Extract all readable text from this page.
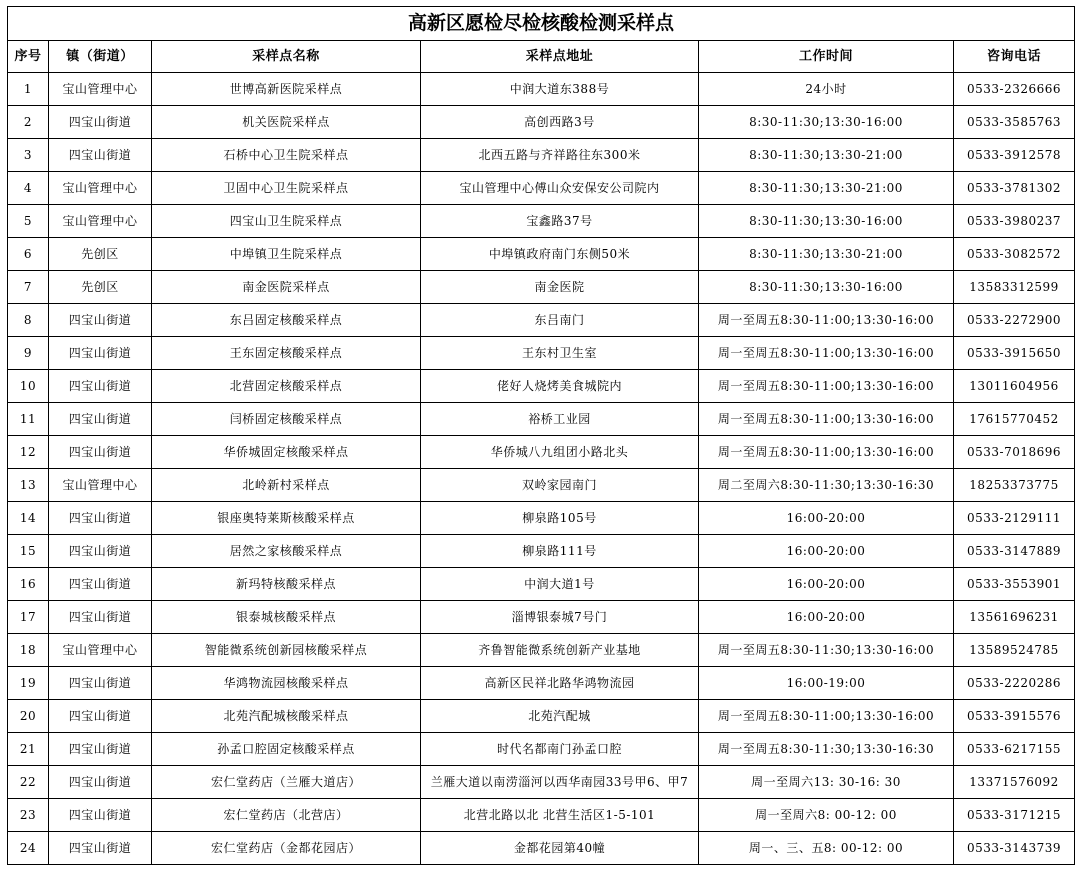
高新区愿检尽检核酸检测采样点					
序号	镇（街道）	采样点名称	采样点地址	工作时间	咨询电话
1	宝山管理中心	世博高新医院采样点	中润大道东388号	24小时	0533-2326666
2	四宝山街道	机关医院采样点	高创西路3号	8:30-11:30;13:30-16:00	0533-3585763
3	四宝山街道	石桥中心卫生院采样点	北西五路与齐祥路往东300米	8:30-11:30;13:30-21:00	0533-3912578
4	宝山管理中心	卫固中心卫生院采样点	宝山管理中心傅山众安保安公司院内	8:30-11:30;13:30-21:00	0533-3781302
5	宝山管理中心	四宝山卫生院采样点	宝鑫路37号	8:30-11:30;13:30-16:00	0533-3980237
6	先创区	中埠镇卫生院采样点	中埠镇政府南门东侧50米	8:30-11:30;13:30-21:00	0533-3082572
7	先创区	南金医院采样点	南金医院	8:30-11:30;13:30-16:00	13583312599
8	四宝山街道	东吕固定核酸采样点	东吕南门	周一至周五8:30-11:00;13:30-16:00	0533-2272900
9	四宝山街道	王东固定核酸采样点	王东村卫生室	周一至周五8:30-11:00;13:30-16:00	0533-3915650
10	四宝山街道	北营固定核酸采样点	佬好人烧烤美食城院内	周一至周五8:30-11:00;13:30-16:00	13011604956
11	四宝山街道	闫桥固定核酸采样点	裕桥工业园	周一至周五8:30-11:00;13:30-16:00	17615770452
12	四宝山街道	华侨城固定核酸采样点	华侨城八九组团小路北头	周一至周五8:30-11:00;13:30-16:00	0533-7018696
13	宝山管理中心	北岭新村采样点	双岭家园南门	周二至周六8:30-11:30;13:30-16:30	18253373775
14	四宝山街道	银座奥特莱斯核酸采样点	柳泉路105号	16:00-20:00	0533-2129111
15	四宝山街道	居然之家核酸采样点	柳泉路111号	16:00-20:00	0533-3147889
16	四宝山街道	新玛特核酸采样点	中润大道1号	16:00-20:00	0533-3553901
17	四宝山街道	银泰城核酸采样点	淄博银泰城7号门	16:00-20:00	13561696231
18	宝山管理中心	智能微系统创新园核酸采样点	齐鲁智能微系统创新产业基地	周一至周五8:30-11:30;13:30-16:00	13589524785
19	四宝山街道	华鸿物流园核酸采样点	高新区民祥北路华鸿物流园	16:00-19:00	0533-2220286
20	四宝山街道	北苑汽配城核酸采样点	北苑汽配城	周一至周五8:30-11:00;13:30-16:00	0533-3915576
21	四宝山街道	孙孟口腔固定核酸采样点	时代名都南门孙孟口腔	周一至周五8:30-11:30;13:30-16:30	0533-6217155
22	四宝山街道	宏仁堂药店（兰雁大道店）	兰雁大道以南涝淄河以西华南园33号甲6、甲7	周一至周六13: 30-16: 30	13371576092
23	四宝山街道	宏仁堂药店（北营店）	北营北路以北 北营生活区1-5-101	周一至周六8: 00-12: 00	0533-3171215
24	四宝山街道	宏仁堂药店（金都花园店）	金都花园第40幢	周一、三、五8: 00-12: 00	0533-3143739
